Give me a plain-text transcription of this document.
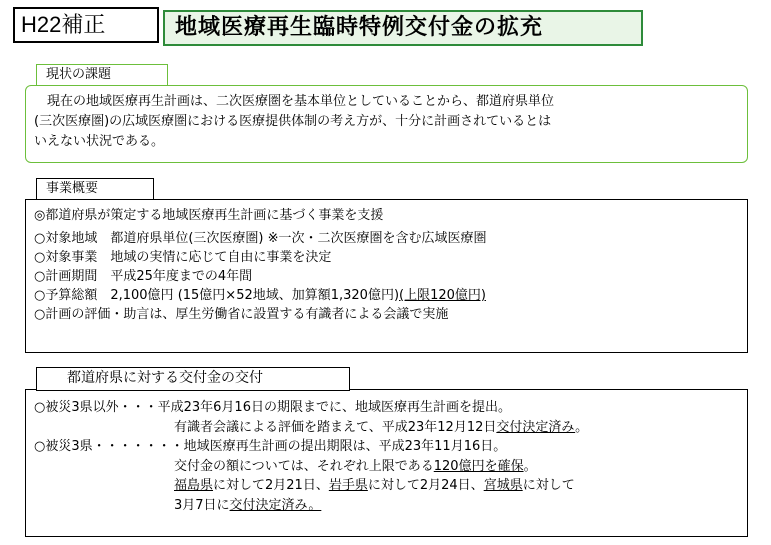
H22補正	地域医療再生臨時特例交付金の拡充
現状の課題
　現在の地域医療再生計画は、二次医療圏を基本単位としていることから、都道府県単位
(三次医療圏)の広域医療圏における医療提供体制の考え方が、十分に計画されているとは
いえない状況である。
事業概要
◎都道府県が策定する地域医療再生計画に基づく事業を支援
○対象地域　都道府県単位(三次医療圏) ※一次・二次医療圏を含む広域医療圏
○対象事業　地域の実情に応じて自由に事業を決定
○計画期間　平成25年度までの4年間
○予算総額　2,100億円 (15億円×52地域、加算額1,320億円)(上限120億円)
○計画の評価・助言は、厚生労働省に設置する有識者による会議で実施
都道府県に対する交付金の交付
○被災3県以外・・・平成23年6月16日の期限までに、地域医療再生計画を提出。
有識者会議による評価を踏まえて、平成23年12月12日交付決定済み。
○被災3県・・・・・・・地域医療再生計画の提出期限は、平成23年11月16日。
交付金の額については、それぞれ上限である120億円を確保。
福島県に対して2月21日、岩手県に対して2月24日、宮城県に対して
3月7日に交付決定済み。
